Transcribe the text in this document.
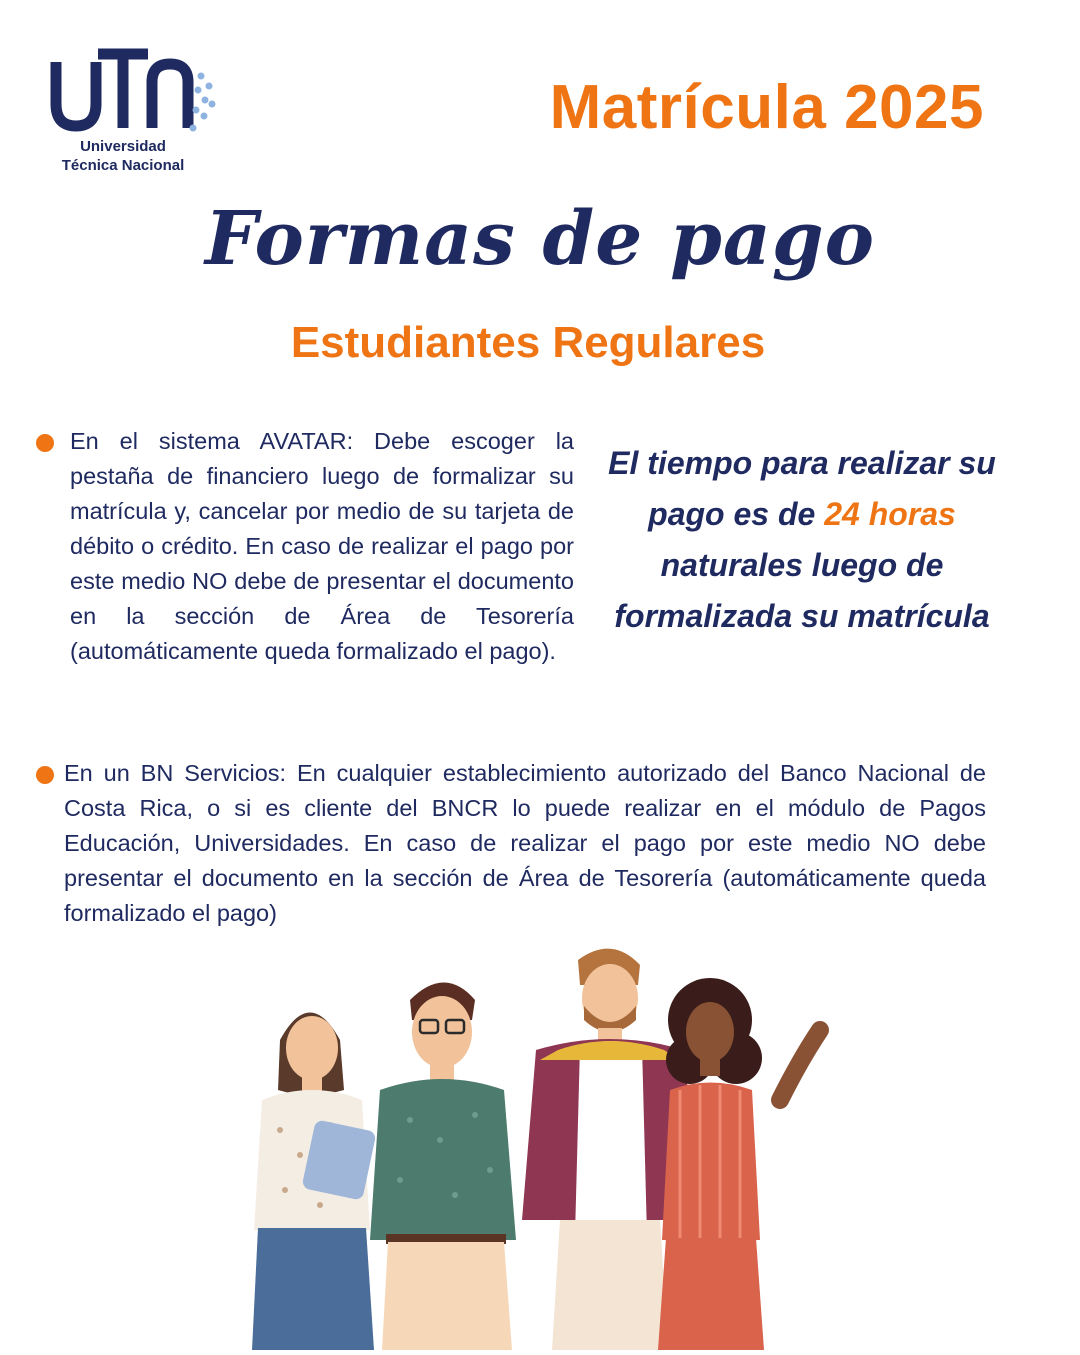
Universidad
Técnica Nacional
Matrícula 2025
Formas de pago
Estudiantes Regulares

En el sistema AVATAR: Debe escoger la pestaña de financiero luego de formalizar su matrícula y, cancelar por medio de su tarjeta de débito o crédito. En caso de realizar el pago por este medio NO debe de presentar el documento en la sección de Área de Tesorería (automáticamente queda formalizado el pago).

El tiempo para realizar su pago es de 24 horas naturales luego de formalizada su matrícula

En un BN Servicios: En cualquier establecimiento autorizado del Banco Nacional de Costa Rica, o si es cliente del BNCR lo puede realizar en el módulo de Pagos Educación, Universidades. En caso de realizar el pago por este medio NO debe presentar el documento en la sección de Área de Tesorería (automáticamente queda formalizado el pago)
